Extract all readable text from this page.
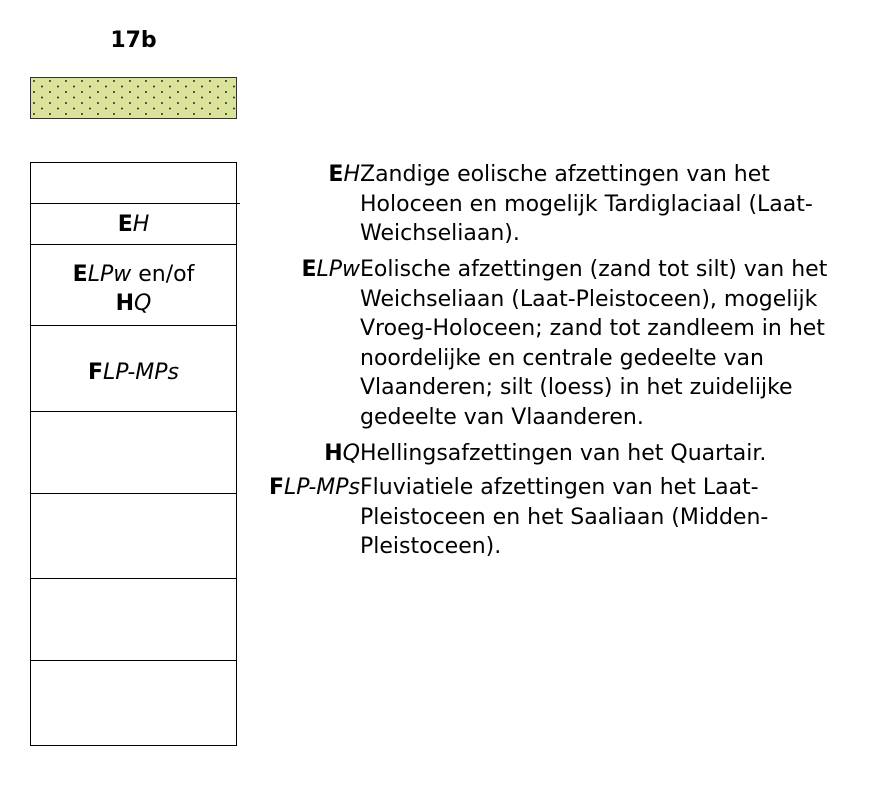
17b
EH
ELPw en/of
HQ
FLP-MPs
EH Zandige eolische afzettingen van het Holoceen en mogelijk Tardiglaciaal (Laat-Weichseliaan).
ELPw Eolische afzettingen (zand tot silt) van het Weichseliaan (Laat-Pleistoceen), mogelijk Vroeg-Holoceen; zand tot zandleem in het noordelijke en centrale gedeelte van Vlaanderen; silt (loess) in het zuidelijke gedeelte van Vlaanderen.
HQ Hellingsafzettingen van het Quartair.
FLP-MPs Fluviatiele afzettingen van het Laat-Pleistoceen en het Saaliaan (Midden-Pleistoceen).
